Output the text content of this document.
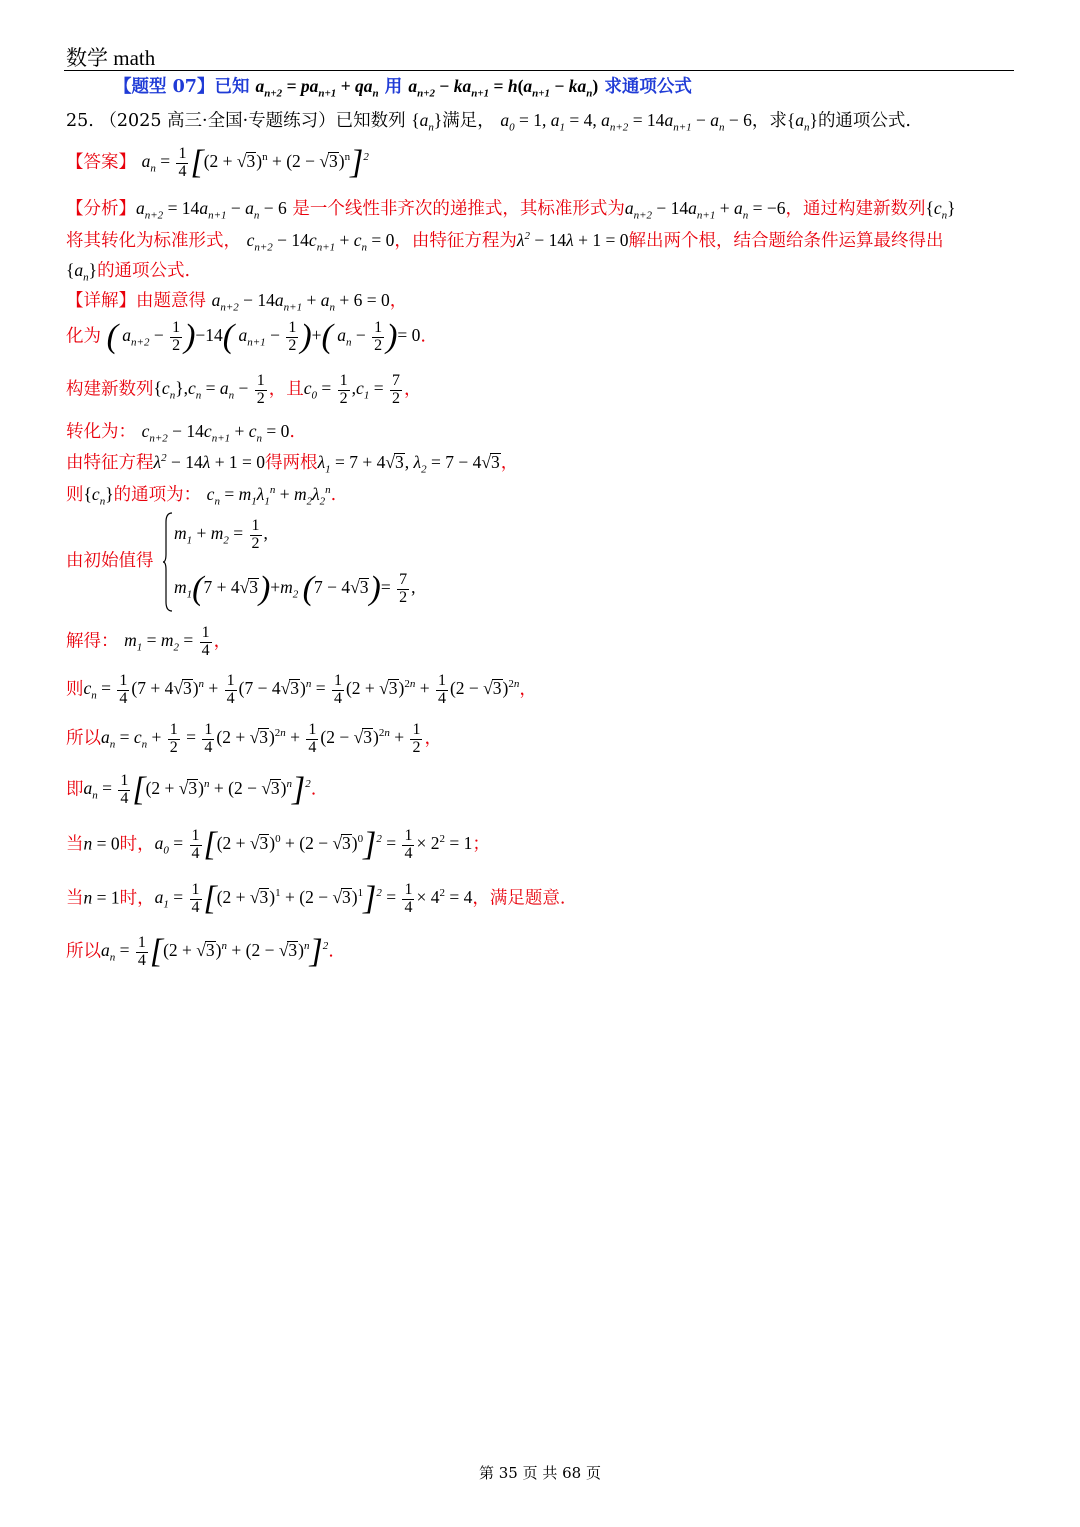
数学 math
【题型 07】已知 $a_{n+2} = pa_{n+1} + qa_n$ 用 $a_{n+2} - ka_{n+1} = h(a_{n+1} - ka_n)$ 求通项公式
25. （2025 高三·全国·专题练习）已知数列 $\{a_n\}$满足， $a_0 = 1$, $a_1 = 4$, $a_{n+2} = 14a_{n+1} - a_n - 6$，求$\{a_n\}$的通项公式.
【答案】 $a_n = \frac{1}{4} [(2 + √3)^n + (2 - √3)^n]^2$
【分析】$a_{n+2} = 14a_{n+1} - a_n - 6$ 是一个线性非齐次的递推式，其标准形式为$a_{n+2} - 14a_{n+1} + a_n = -6$，通过构建新数列$\{c_n\}$
将其转化为标准形式， $c_{n+2} - 14c_{n+1} + c_n = 0$，由特征方程为$\lambda^2 - 14\lambda + 1 = 0$解出两个根，结合题给条件运算最终得出
$\{a_n\}$的通项公式.
【详解】由题意得 $a_{n+2} - 14a_{n+1} + a_n + 6 = 0$，
化为 ( $a_{n+2} - \frac{1}{2} )-14$( $a_{n+1} - \frac{1}{2}$ )+( $a_n - \frac{1}{2}$ )= 0.
构建新数列$\{c_n\},c_n = a_n - \frac{1}{2}$ ，且$c_0 = \frac{1}{2} ,c_1 = \frac{7}{2}$ ，
转化为： $c_{n+2} - 14c_{n+1} + c_n = 0$.
由特征方程$\lambda^2 - 14\lambda + 1 = 0$得两根$\lambda_1 = 7 + 4√3$, $\lambda_2 = 7 - 4√3$，
则$\{c_n\}$的通项为： $c_n = m_1\lambda_1^n + m_2\lambda_2^n$.
由初始值得
$m_1 + m_2 = \frac{1}{2}$ ,
$m_1(7 + 4√3)+m_2$ $(7 - 4√3)= \frac{7}{2}$ ,
解得： $m_1 = m_2 = \frac{1}{4}$ ，
则$c_n = \frac{1}{4} (7 + 4√3)^n + \frac{1}{4} (7 - 4√3)^n = \frac{1}{4} (2 + √3)^{2n} + \frac{1}{4} (2 - √3)^{2n}$，
所以$a_n = c_n + \frac{1}{2} = \frac{1}{4} (2 + √3)^{2n} + \frac{1}{4} (2 - √3)^{2n} + \frac{1}{2}$ ，
即$a_n = \frac{1}{4} [(2 + √3)^n + (2 - √3)^n]^2$.
当n = 0时，$a_0 = \frac{1}{4} [(2 + √3)^0 + (2 - √3)^0]^2 = \frac{1}{4} \times 2^2 = 1$；
当n = 1时，$a_1 = \frac{1}{4} [(2 + √3)^1 + (2 - √3)^1]^2 = \frac{1}{4} \times 4^2 = 4$，满足题意.
所以$a_n = \frac{1}{4} [(2 + √3)^n + (2 - √3)^n]^2$.
第 35 页 共 68 页
